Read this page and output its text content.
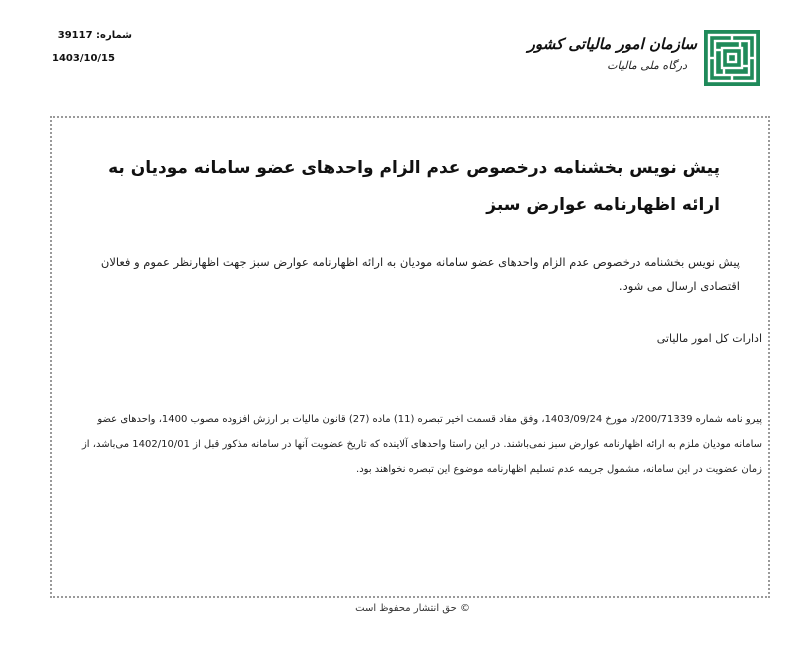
شماره: 39117
1403/10/15
سازمان امور مالیاتی کشور
درگاه ملی مالیات
پیش نویس بخشنامه درخصوص عدم الزام واحدهای عضو سامانه مودیان به ارائه اظهارنامه عوارض سبز
پیش نویس بخشنامه درخصوص عدم الزام واحدهای عضو سامانه مودیان به ارائه اظهارنامه عوارض سبز جهت اظهارنظر عموم و فعالان اقتصادی ارسال می شود.
ادارات کل امور مالیاتی
پیرو نامه شماره 200/71339/د مورخ 1403/09/24، وفق مفاد قسمت اخیر تبصره (11) ماده (27) قانون مالیات بر ارزش افزوده مصوب 1400، واحدهای عضو سامانه مودیان ملزم به ارائه اظهارنامه عوارض سبز نمی‌باشند. در این راستا واحدهای آلاینده که تاریخ عضویت آنها در سامانه مذکور قبل از 1402/10/01 می‌باشد، از زمان عضویت در این سامانه، مشمول جریمه عدم تسلیم اظهارنامه موضوع این تبصره نخواهند بود.
© حق انتشار محفوظ است
